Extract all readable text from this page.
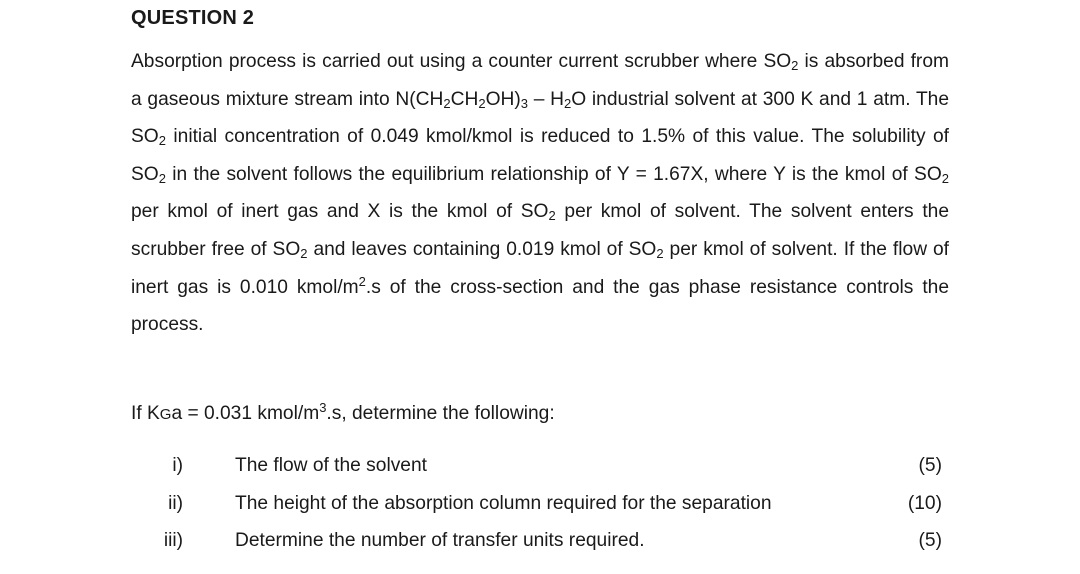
QUESTION 2
Absorption process is carried out using a counter current scrubber where $SO_2$ is absorbed from a gaseous mixture stream into $N(CH_2CH_2OH)_3 - H_2O$ industrial solvent at 300 K and 1 atm. The $SO_2$ initial concentration of 0.049 kmol/kmol is reduced to 1.5% of this value. The solubility of $SO_2$ in the solvent follows the equilibrium relationship of Y = 1.67X, where Y is the kmol of $SO_2$ per kmol of inert gas and X is the kmol of $SO_2$ per kmol of solvent. The solvent enters the scrubber free of $SO_2$ and leaves containing 0.019 kmol of $SO_2$ per kmol of solvent. If the flow of inert gas is 0.010 kmol/$m^2.s$ of the cross-section and the gas phase resistance controls the process.
If KGa = 0.031 kmol/$m^3.s$, determine the following:
i)	The flow of the solvent	(5)
ii)	The height of the absorption column required for the separation	(10)
iii)	Determine the number of transfer units required.	(5)
